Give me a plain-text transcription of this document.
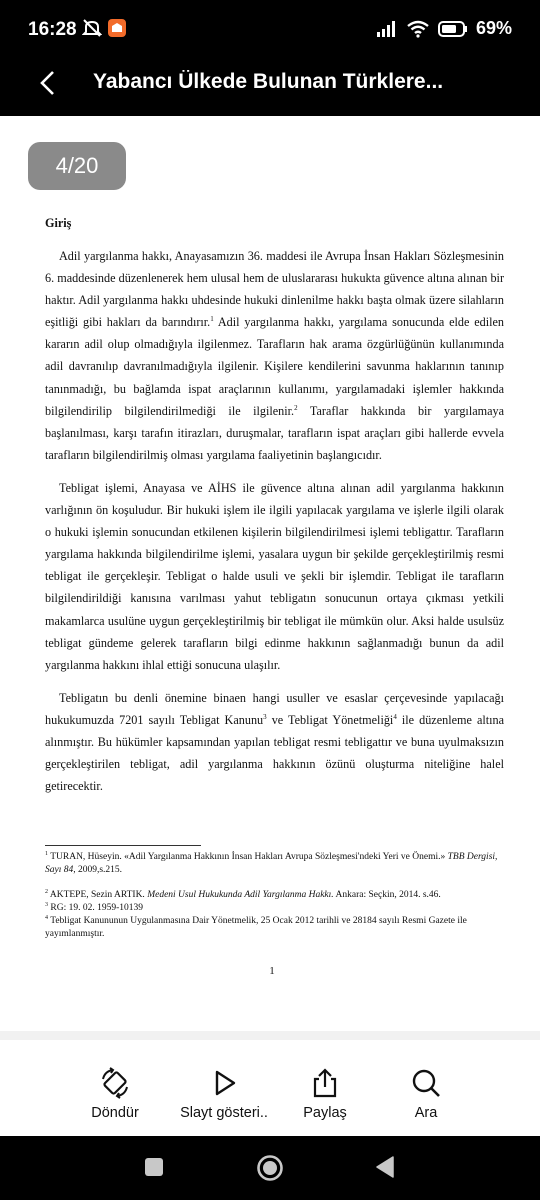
16:28	69%
Yabancı Ülkede Bulunan Türklere...
4/20
Giriş

Adil yargılanma hakkı, Anayasamızın 36. maddesi ile Avrupa İnsan Hakları Sözleşmesinin 6. maddesinde düzenlenerek hem ulusal hem de uluslararası hukukta güvence altına alınan bir haktır. Adil yargılanma hakkı uhdesinde hukuki dinlenilme hakkı başta olmak üzere silahların eşitliği gibi hakları da barındırır.$^1$ Adil yargılanma hakkı, yargılama sonucunda elde edilen kararın adil olup olmadığıyla ilgilenmez. Tarafların hak arama özgürlüğünün kullanımında adil davranılıp davranılmadığıyla ilgilenir. Kişilere kendilerini savunma haklarının tanınıp tanınmadığı, bu bağlamda ispat araçlarının kullanımı, yargılamadaki işlemler hakkında bilgilendirilip bilgilendirilmediği ile ilgilenir.$^2$ Taraflar hakkında bir yargılamaya başlanılması, karşı tarafın itirazları, duruşmalar, tarafların ispat araçları gibi hallerde evvela tarafların bilgilendirilmiş olması yargılama faaliyetinin başlangıcıdır.

Tebligat işlemi, Anayasa ve AİHS ile güvence altına alınan adil yargılanma hakkının varlığının ön koşuludur. Bir hukuki işlem ile ilgili yapılacak yargılama ve işlerle ilgili olarak o hukuki işlemin sonucundan etkilenen kişilerin bilgilendirilmesi işlemi tebligattır. Tarafların yargılama hakkında bilgilendirilme işlemi, yasalara uygun bir şekilde gerçekleştirilmiş resmi tebligat ile gerçekleşir. Tebligat o halde usuli ve şekli bir işlemdir. Tebligat ile tarafların bilgilendirildiği kanısına varılması yahut tebligatın sonucunun ortaya çıkması yetkili makamlarca usulüne uygun gerçekleştirilmiş bir tebligat ile mümkün olur. Aksi halde usulsüz tebligat gündeme gelerek tarafların bilgi edinme hakkının sağlanmadığı bunun da adil yargılanma hakkını ihlal ettiği sonucuna ulaşılır.

Tebligatın bu denli önemine binaen hangi usuller ve esaslar çerçevesinde yapılacağı hukukumuzda 7201 sayılı Tebligat Kanunu$^3$ ve Tebligat Yönetmeliği$^4$ ile düzenleme altına alınmıştır. Bu hükümler kapsamından yapılan tebligat resmi tebligattır ve buna uyulmaksızın gerçekleştirilen tebligat, adil yargılanma hakkının özünü oluşturma niteliğine halel getirecektir.

$^1$ TURAN, Hüseyin. «Adil Yargılanma Hakkının İnsan Hakları Avrupa Sözleşmesi'ndeki Yeri ve Önemi.» TBB Dergisi, Sayı 84, 2009,s.215.
$^2$ AKTEPE, Sezin ARTIK. Medeni Usul Hukukunda Adil Yargılanma Hakkı. Ankara: Seçkin, 2014. s.46.
$^3$ RG: 19. 02. 1959-10139
$^4$ Tebligat Kanununun Uygulanmasına Dair Yönetmelik, 25 Ocak 2012 tarihli ve 28184 sayılı Resmi Gazete ile yayımlanmıştır.
1
Döndür	Slayt gösteri..	Paylaş	Ara
